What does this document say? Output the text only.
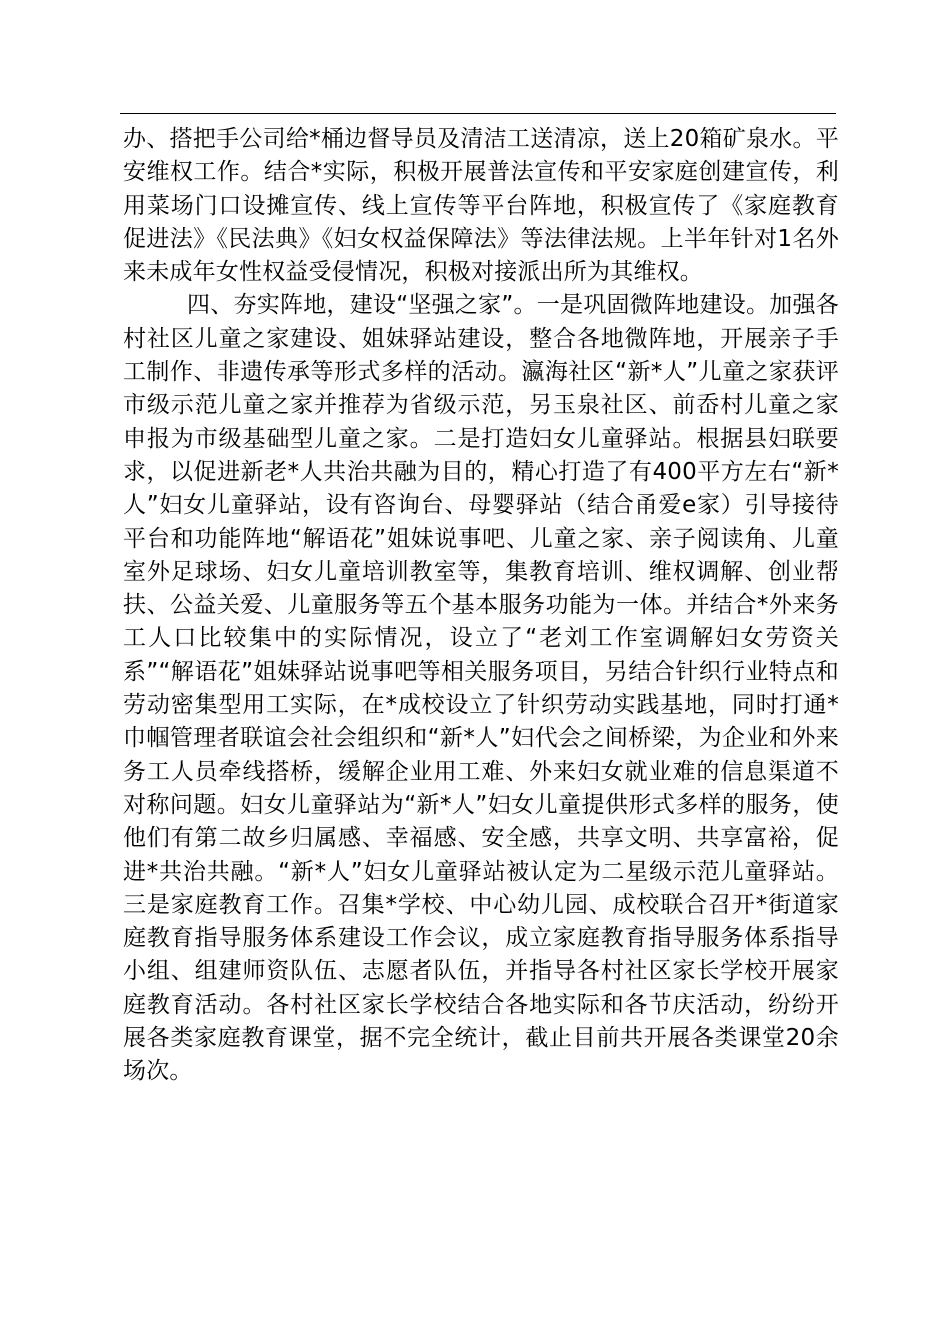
办、搭把手公司给*桶边督导员及清洁工送清凉，送上20箱矿泉水。平安维权工作。结合*实际，积极开展普法宣传和平安家庭创建宣传，利用菜场门口设摊宣传、线上宣传等平台阵地，积极宣传了《家庭教育促进法》《民法典》《妇女权益保障法》等法律法规。上半年针对1名外来未成年女性权益受侵情况，积极对接派出所为其维权。

四、夯实阵地，建设“坚强之家”。一是巩固微阵地建设。加强各村社区儿童之家建设、姐妹驿站建设，整合各地微阵地，开展亲子手工制作、非遗传承等形式多样的活动。瀛海社区“新*人”儿童之家获评市级示范儿童之家并推荐为省级示范，另玉泉社区、前岙村儿童之家申报为市级基础型儿童之家。二是打造妇女儿童驿站。根据县妇联要求，以促进新老*人共治共融为目的，精心打造了有400平方左右“新*人”妇女儿童驿站，设有咨询台、母婴驿站（结合甬爱e家）引导接待平台和功能阵地“解语花”姐妹说事吧、儿童之家、亲子阅读角、儿童室外足球场、妇女儿童培训教室等，集教育培训、维权调解、创业帮扶、公益关爱、儿童服务等五个基本服务功能为一体。并结合*外来务工人口比较集中的实际情况，设立了“老刘工作室调解妇女劳资关系”“解语花”姐妹驿站说事吧等相关服务项目，另结合针织行业特点和劳动密集型用工实际，在*成校设立了针织劳动实践基地，同时打通*巾帼管理者联谊会社会组织和“新*人”妇代会之间桥梁，为企业和外来务工人员牵线搭桥，缓解企业用工难、外来妇女就业难的信息渠道不对称问题。妇女儿童驿站为“新*人”妇女儿童提供形式多样的服务，使他们有第二故乡归属感、幸福感、安全感，共享文明、共享富裕，促进*共治共融。“新*人”妇女儿童驿站被认定为二星级示范儿童驿站。三是家庭教育工作。召集*学校、中心幼儿园、成校联合召开*街道家庭教育指导服务体系建设工作会议，成立家庭教育指导服务体系指导小组、组建师资队伍、志愿者队伍，并指导各村社区家长学校开展家庭教育活动。各村社区家长学校结合各地实际和各节庆活动，纷纷开展各类家庭教育课堂，据不完全统计，截止目前共开展各类课堂20余场次。
